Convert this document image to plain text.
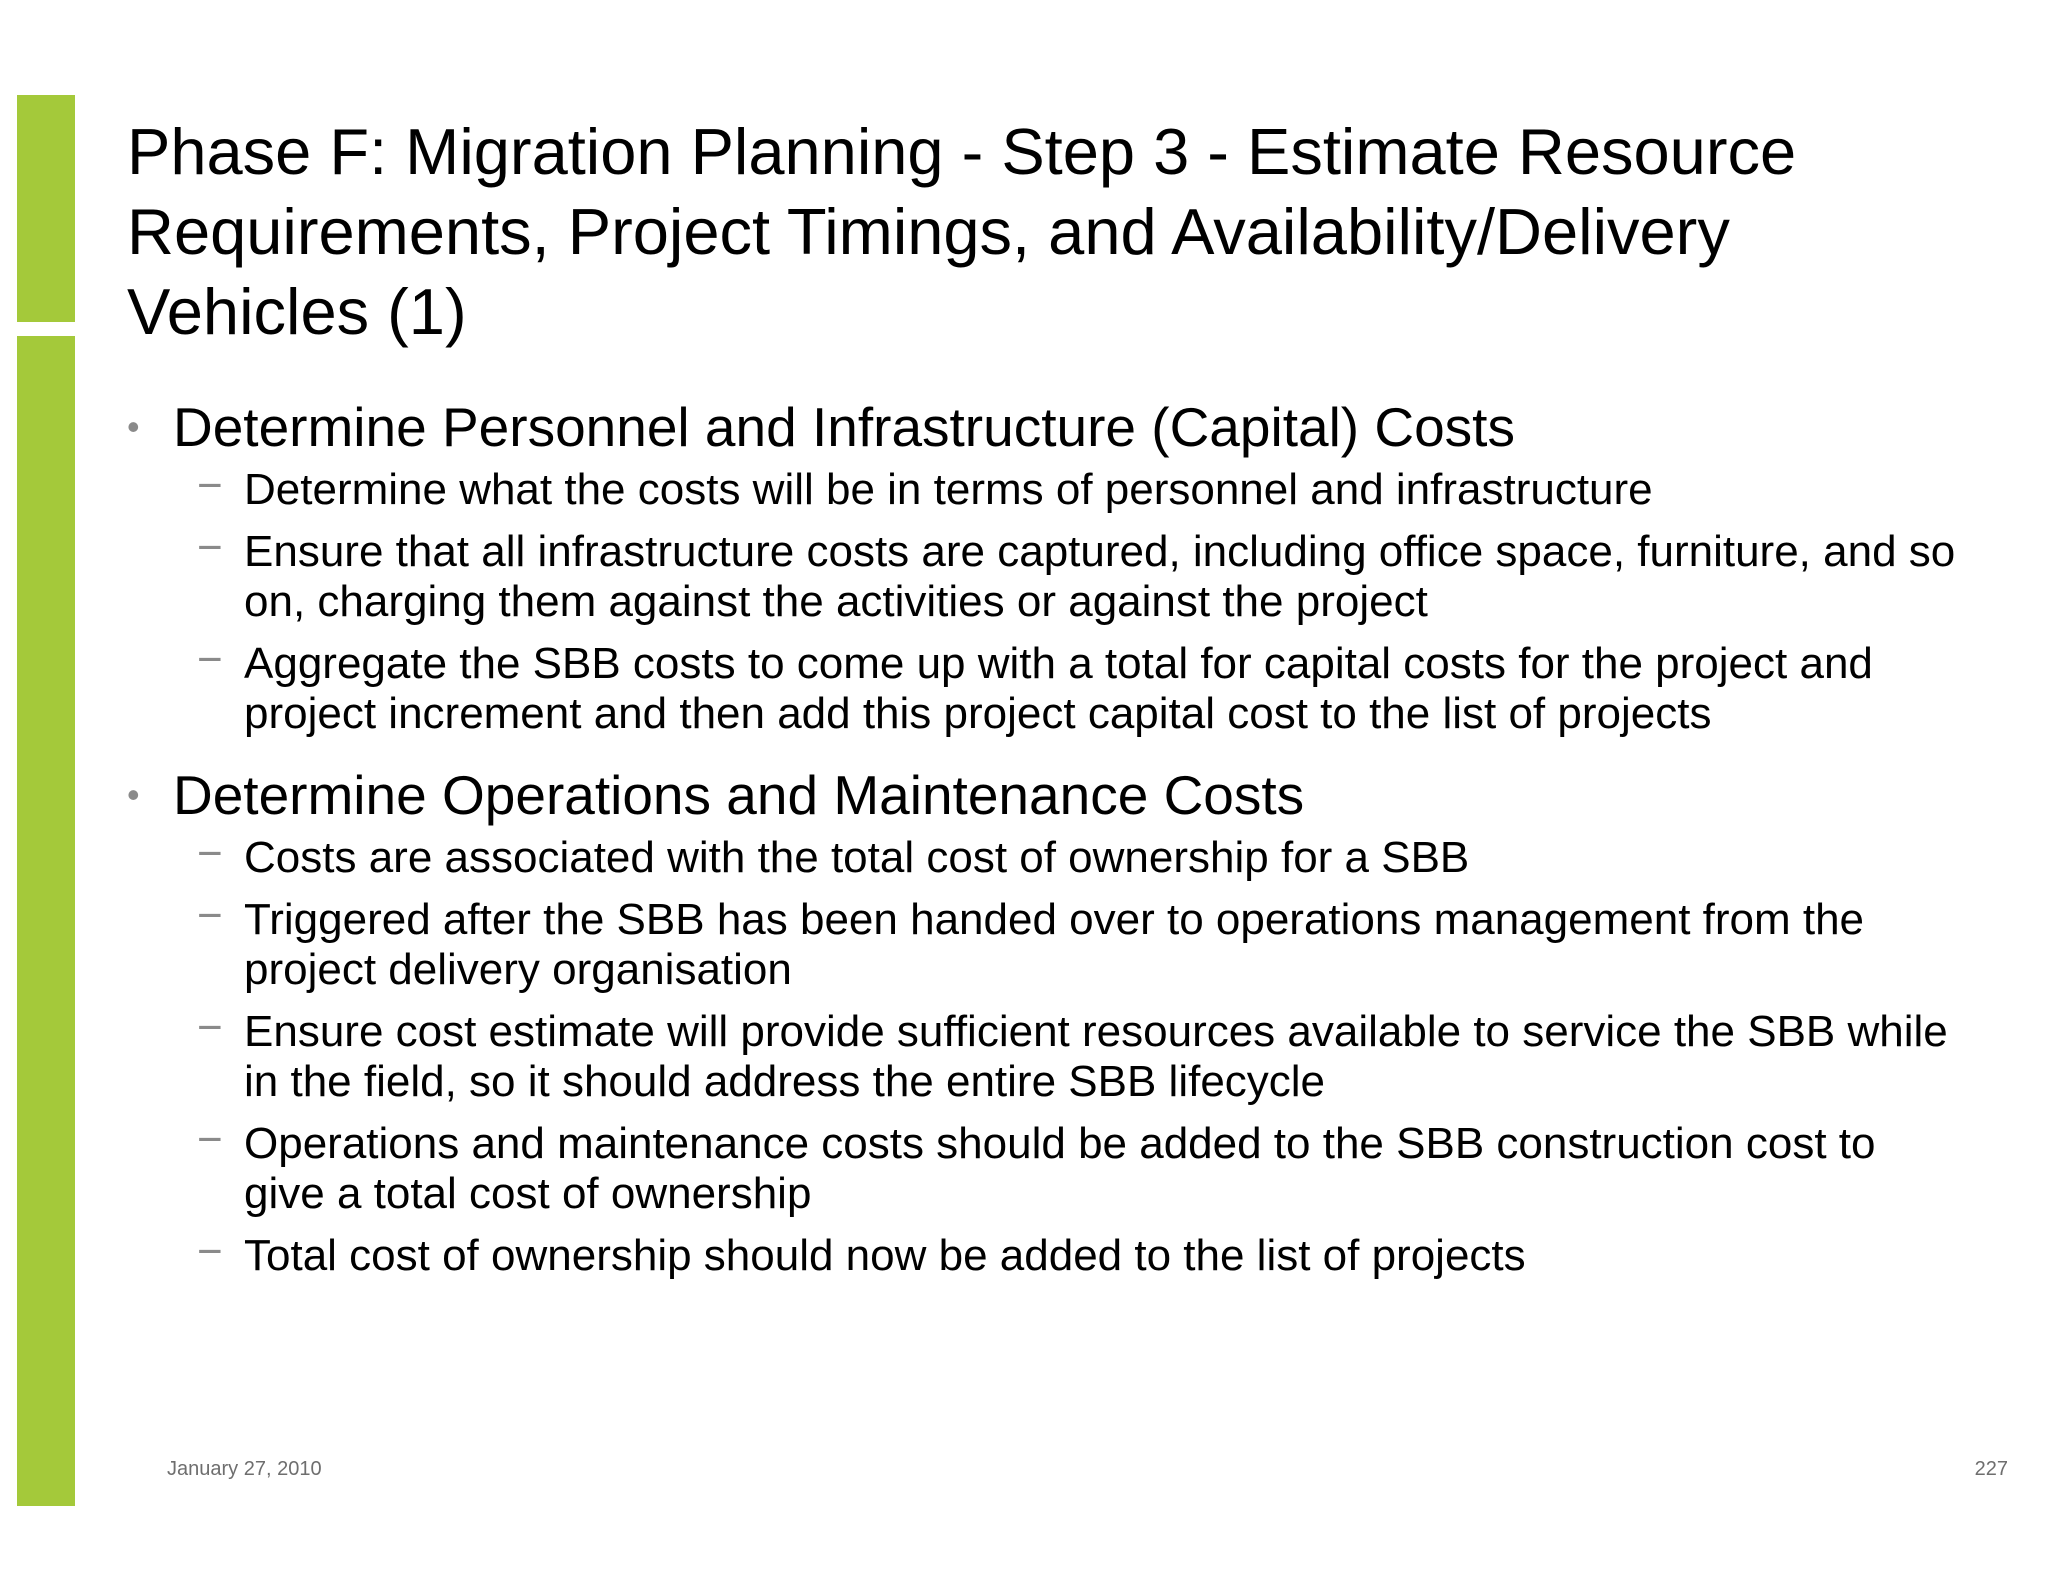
Phase F: Migration Planning - Step 3 - Estimate Resource Requirements, Project Timings, and Availability/Delivery Vehicles (1)
• Determine Personnel and Infrastructure (Capital) Costs
− Determine what the costs will be in terms of personnel and infrastructure
− Ensure that all infrastructure costs are captured, including office space, furniture, and so on, charging them against the activities or against the project
− Aggregate the SBB costs to come up with a total for capital costs for the project and project increment and then add this project capital cost to the list of projects
• Determine Operations and Maintenance Costs
− Costs are associated with the total cost of ownership for a SBB
− Triggered after the SBB has been handed over to operations management from the project delivery organisation
− Ensure cost estimate will provide sufficient resources available to service the SBB while in the field, so it should address the entire SBB lifecycle
− Operations and maintenance costs should be added to the SBB construction cost to give a total cost of ownership
− Total cost of ownership should now be added to the list of projects
January 27, 2010	227
